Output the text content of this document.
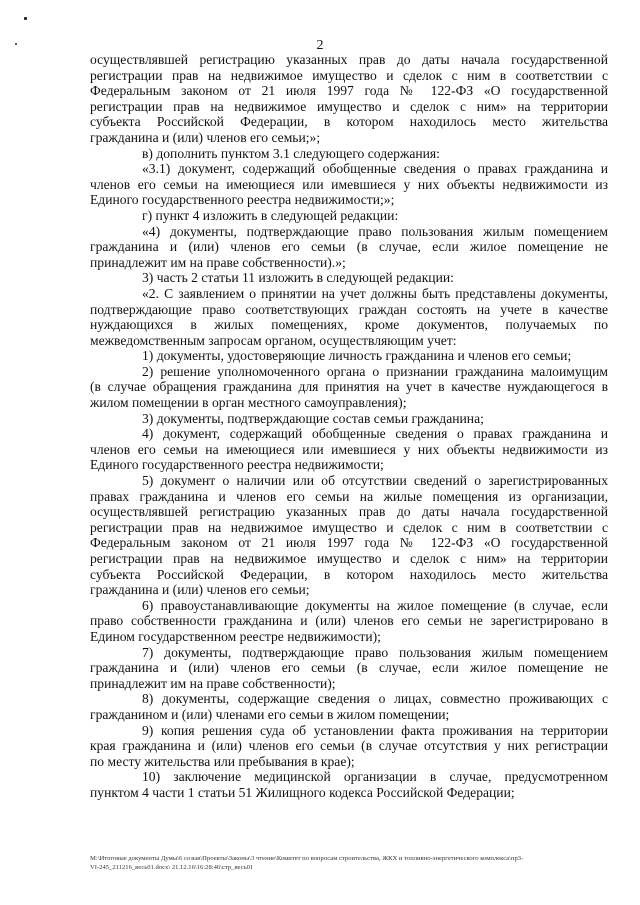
2
осуществлявшей регистрацию указанных прав до даты начала государственной
регистрации прав на недвижимое имущество и сделок с ним в соответствии с
Федеральным законом от 21 июля 1997 года № 122-ФЗ «О государственной
регистрации прав на недвижимое имущество и сделок с ним» на территории
субъекта Российской Федерации, в котором находилось место жительства
гражданина и (или) членов его семьи;»;
в) дополнить пунктом 3.1 следующего содержания:
«3.1) документ, содержащий обобщенные сведения о правах гражданина и
членов его семьи на имеющиеся или имевшиеся у них объекты недвижимости из
Единого государственного реестра недвижимости;»;
г) пункт 4 изложить в следующей редакции:
«4) документы, подтверждающие право пользования жилым помещением
гражданина и (или) членов его семьи (в случае, если жилое помещение не
принадлежит им на праве собственности).»;
3) часть 2 статьи 11 изложить в следующей редакции:
«2. С заявлением о принятии на учет должны быть представлены документы,
подтверждающие право соответствующих граждан состоять на учете в качестве
нуждающихся в жилых помещениях, кроме документов, получаемых по
межведомственным запросам органом, осуществляющим учет:
1) документы, удостоверяющие личность гражданина и членов его семьи;
2) решение уполномоченного органа о признании гражданина малоимущим
(в случае обращения гражданина для принятия на учет в качестве нуждающегося в
жилом помещении в орган местного самоуправления);
3) документы, подтверждающие состав семьи гражданина;
4) документ, содержащий обобщенные сведения о правах гражданина и
членов его семьи на имеющиеся или имевшиеся у них объекты недвижимости из
Единого государственного реестра недвижимости;
5) документ о наличии или об отсутствии сведений о зарегистрированных
правах гражданина и членов его семьи на жилые помещения из организации,
осуществлявшей регистрацию указанных прав до даты начала государственной
регистрации прав на недвижимое имущество и сделок с ним в соответствии с
Федеральным законом от 21 июля 1997 года № 122-ФЗ «О государственной
регистрации прав на недвижимое имущество и сделок с ним» на территории
субъекта Российской Федерации, в котором находилось место жительства
гражданина и (или) членов его семьи;
6) правоустанавливающие документы на жилое помещение (в случае, если
право собственности гражданина и (или) членов его семьи не зарегистрировано в
Едином государственном реестре недвижимости);
7) документы, подтверждающие право пользования жилым помещением
гражданина и (или) членов его семьи (в случае, если жилое помещение не
принадлежит им на праве собственности);
8) документы, содержащие сведения о лицах, совместно проживающих с
гражданином и (или) членами его семьи в жилом помещении;
9) копия решения суда об установлении факта проживания на территории
края гражданина и (или) членов его семьи (в случае отсутствия у них регистрации
по месту жительства или пребывания в крае);
10) заключение медицинской организации в случае, предусмотренном
пунктом 4 части 1 статьи 51 Жилищного кодекса Российской Федерации;
M:\Итоговые документы Думы\6 созыв\Проекты\Законы\3 чтение\Комитет по вопросам строительства, ЖКХ и топливно-энергетического комплекса\пр3-
VI-245_211216_весь01.docx\ 21.12.16\16:28:46\стр_весь01
